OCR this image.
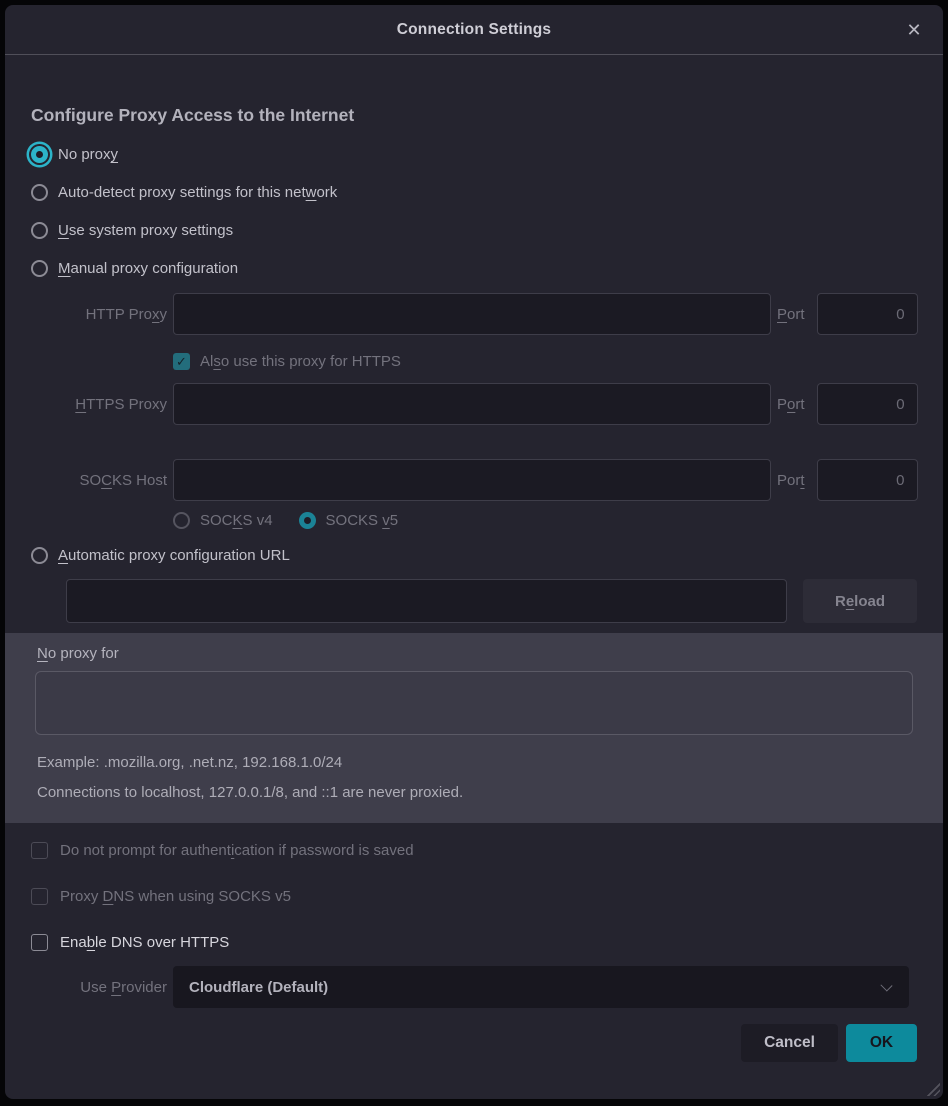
Connection Settings	✕
Configure Proxy Access to the Internet
No proxy
Auto-detect proxy settings for this network
Use system proxy settings
Manual proxy configuration
HTTP Proxy	Port
0
✓ Also use this proxy for HTTPS
HTTPS Proxy	Port
0
SOCKS Host	Port
0
SOCKS v4	SOCKS v5
Automatic proxy configuration URL
Reload
No proxy for
Example: .mozilla.org, .net.nz, 192.168.1.0/24
Connections to localhost, 127.0.0.1/8, and ::1 are never proxied.
Do not prompt for authentication if password is saved
Proxy DNS when using SOCKS v5
Enable DNS over HTTPS
Use Provider Cloudflare (Default)
Cancel	OK
